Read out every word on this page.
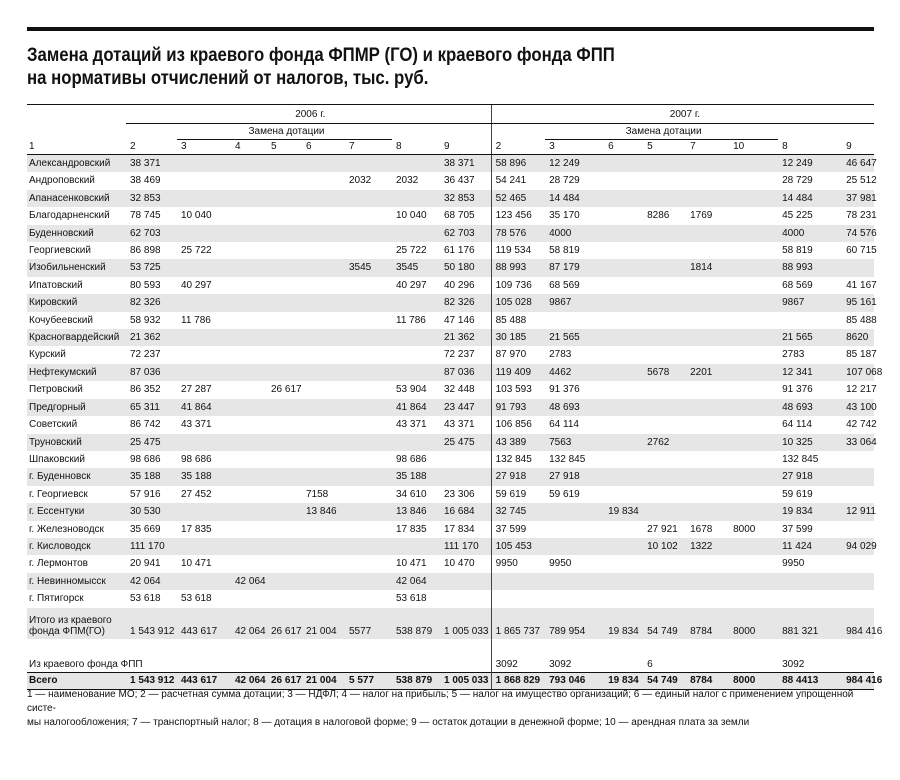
Замена дотаций из краевого фонда ФПМР (ГО) и краевого фонда ФПП
на нормативы отчислений от налогов, тыс. руб.
	2006 г.								2007 г.							
		Замена дотации								Замена дотации						
1	2	3	4	5	6	7	8	9	2	3	6	5	7	10	8	9
Александровский	38 371							38 371	58 896	12 249					12 249	46 647
Андроповский	38 469					2032	2032	36 437	54 241	28 729					28 729	25 512
Апанасенковский	32 853							32 853	52 465	14 484					14 484	37 981
Благодарненский	78 745	10 040					10 040	68 705	123 456	35 170		8286	1769		45 225	78 231
Буденновский	62 703							62 703	78 576	4000					4000	74 576
Георгиевский	86 898	25 722					25 722	61 176	119 534	58 819					58 819	60 715
Изобильненский	53 725					3545	3545	50 180	88 993	87 179			1814		88 993	
Ипатовский	80 593	40 297					40 297	40 296	109 736	68 569					68 569	41 167
Кировский	82 326							82 326	105 028	9867					9867	95 161
Кочубеевский	58 932	11 786					11 786	47 146	85 488							85 488
Красногвардейский	21 362							21 362	30 185	21 565					21 565	8620
Курский	72 237							72 237	87 970	2783					2783	85 187
Нефтекумский	87 036							87 036	119 409	4462		5678	2201		12 341	107 068
Петровский	86 352	27 287		26 617			53 904	32 448	103 593	91 376					91 376	12 217
Предгорный	65 311	41 864					41 864	23 447	91 793	48 693					48 693	43 100
Советский	86 742	43 371					43 371	43 371	106 856	64 114					64 114	42 742
Труновский	25 475							25 475	43 389	7563		2762			10 325	33 064
Шпаковский	98 686	98 686					98 686		132 845	132 845					132 845	
г. Буденновск	35 188	35 188					35 188		27 918	27 918					27 918	
г. Георгиевск	57 916	27 452			7158		34 610	23 306	59 619	59 619					59 619	
г. Ессентуки	30 530				13 846		13 846	16 684	32 745		19 834				19 834	12 911
г. Железноводск	35 669	17 835					17 835	17 834	37 599			27 921	1678	8000	37 599	
г. Кисловодск	111 170							111 170	105 453			10 102	1322		11 424	94 029
г. Лермонтов	20 941	10 471					10 471	10 470	9950	9950					9950	
г. Невинномысск	42 064		42 064				42 064									
г. Пятигорск	53 618	53 618					53 618									
Итого из краевого фонда ФПМ(ГО)	1 543 912	443 617	42 064	26 617	21 004	5577	538 879	1 005 033	1 865 737	789 954	19 834	54 749	8784	8000	881 321	984 416
Из краевого фонда ФПП									3092	3092		6			3092	
Всего	1 543 912	443 617	42 064	26 617	21 004	5 577	538 879	1 005 033	1 868 829	793 046	19 834	54 749	8784	8000	88 4413	984 416
1 — наименование МО; 2 — расчетная сумма дотации; 3 — НДФЛ; 4 — налог на прибыль; 5 — налог на имущество организаций; 6 — единый налог с применением упрощенной систе-
мы налогообложения; 7 — транспортный налог; 8 — дотация в налоговой форме; 9 — остаток дотации в денежной форме; 10 — арендная плата за земли
